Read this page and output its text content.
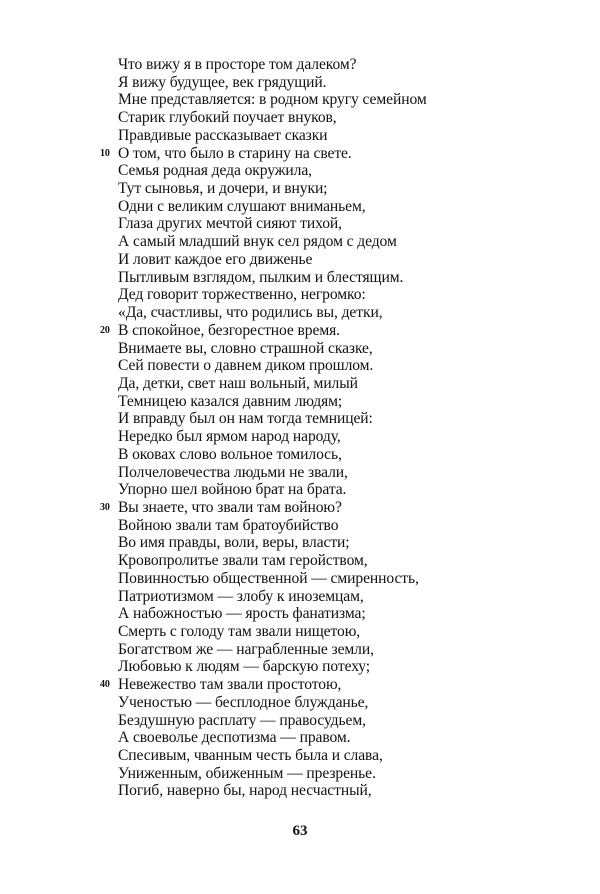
Что вижу я в просторе том далеком?
Я вижу будущее, век грядущий.
Мне представляется: в родном кругу семейном
Старик глубокий поучает внуков,
Правдивые рассказывает сказки
10 О том, что было в старину на свете.
Семья родная деда окружила,
Тут сыновья, и дочери, и внуки;
Одни с великим слушают вниманьем,
Глаза других мечтой сияют тихой,
А самый младший внук сел рядом с дедом
И ловит каждое его движенье
Пытливым взглядом, пылким и блестящим.
Дед говорит торжественно, негромко:
«Да, счастливы, что родились вы, детки,
20 В спокойное, безгорестное время.
Внимаете вы, словно страшной сказке,
Сей повести о давнем диком прошлом.
Да, детки, свет наш вольный, милый
Темницею казался давним людям;
И вправду был он нам тогда темницей:
Нередко был ярмом народ народу,
В оковах слово вольное томилось,
Полчеловечества людьми не звали,
Упорно шел войною брат на брата.
30 Вы знаете, что звали там войною?
Войною звали там братоубийство
Во имя правды, воли, веры, власти;
Кровопролитье звали там геройством,
Повинностью общественной — смиренность,
Патриотизмом — злобу к иноземцам,
А набожностью — ярость фанатизма;
Смерть с голоду там звали нищетою,
Богатством же — награбленные земли,
Любовью к людям — барскую потеху;
40 Невежество там звали простотою,
Ученостью — бесплодное блужданье,
Бездушную расплату — правосудьем,
А своеволье деспотизма — правом.
Спесивым, чванным честь была и слава,
Униженным, обиженным — презренье.
Погиб, наверно бы, народ несчастный,
63
